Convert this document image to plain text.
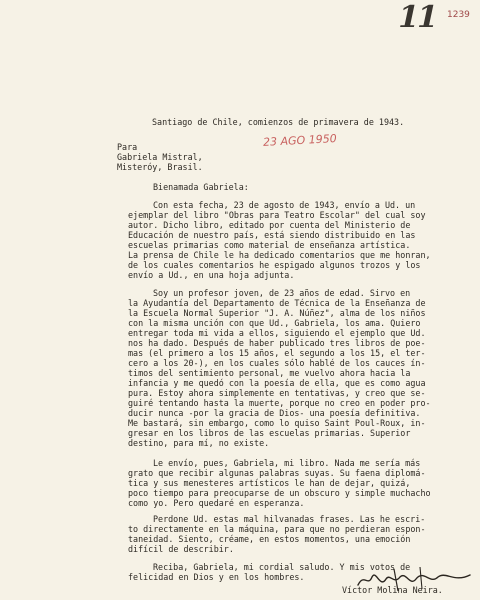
11 1239
23 AGO 1950

Santiago de Chile, comienzos de primavera de 1943.

Para

Gabriela Mistral,

Misteróy, Brasil.

Bienamada Gabriela:

Con esta fecha, 23 de agosto de 1943, envío a Ud. un

ejemplar del libro "Obras para Teatro Escolar" del cual soy

autor. Dicho libro, editado por cuenta del Ministerio de

Educación de nuestro país, está siendo distribuido en las

escuelas primarias como material de enseñanza artística.

La prensa de Chile le ha dedicado comentarios que me honran,

de los cuales comentarios he espigado algunos trozos y los

envío a Ud., en una hoja adjunta.

Soy un profesor joven, de 23 años de edad. Sirvo en

la Ayudantía del Departamento de Técnica de la Enseñanza de

la Escuela Normal Superior "J. A. Núñez", alma de los niños

con la misma unción con que Ud., Gabriela, los ama. Quiero

entregar toda mi vida a ellos, siguiendo el ejemplo que Ud.

nos ha dado. Después de haber publicado tres libros de poe-

mas (el primero a los 15 años, el segundo a los 15, el ter-

cero a los 20-), en los cuales sólo hablé de los cauces ín-

timos del sentimiento personal, me vuelvo ahora hacia la

infancia y me quedó con la poesía de ella, que es como agua

pura. Estoy ahora simplemente en tentativas, y creo que se-

guiré tentando hasta la muerte, porque no creo en poder pro-

ducir nunca -por la gracia de Dios- una poesía definitiva.

Me bastará, sin embargo, como lo quiso Saint Poul-Roux, in-

gresar en los libros de las escuelas primarias. Superior

destino, para mí, no existe.

Le envío, pues, Gabriela, mi libro. Nada me sería más

grato que recibir algunas palabras suyas. Su faena diplomá-

tica y sus menesteres artísticos le han de dejar, quizá,

poco tiempo para preocuparse de un obscuro y simple muchacho

como yo. Pero quedaré en esperanza.

Perdone Ud. estas mal hilvanadas frases. Las he escri-

to directamente en la máquina, para que no perdieran espon-

taneidad. Siento, créame, en estos momentos, una emoción

difícil de describir.

Reciba, Gabriela, mi cordial saludo. Y mis votos de

felicidad en Dios y en los hombres.

Víctor Molina Neira.
